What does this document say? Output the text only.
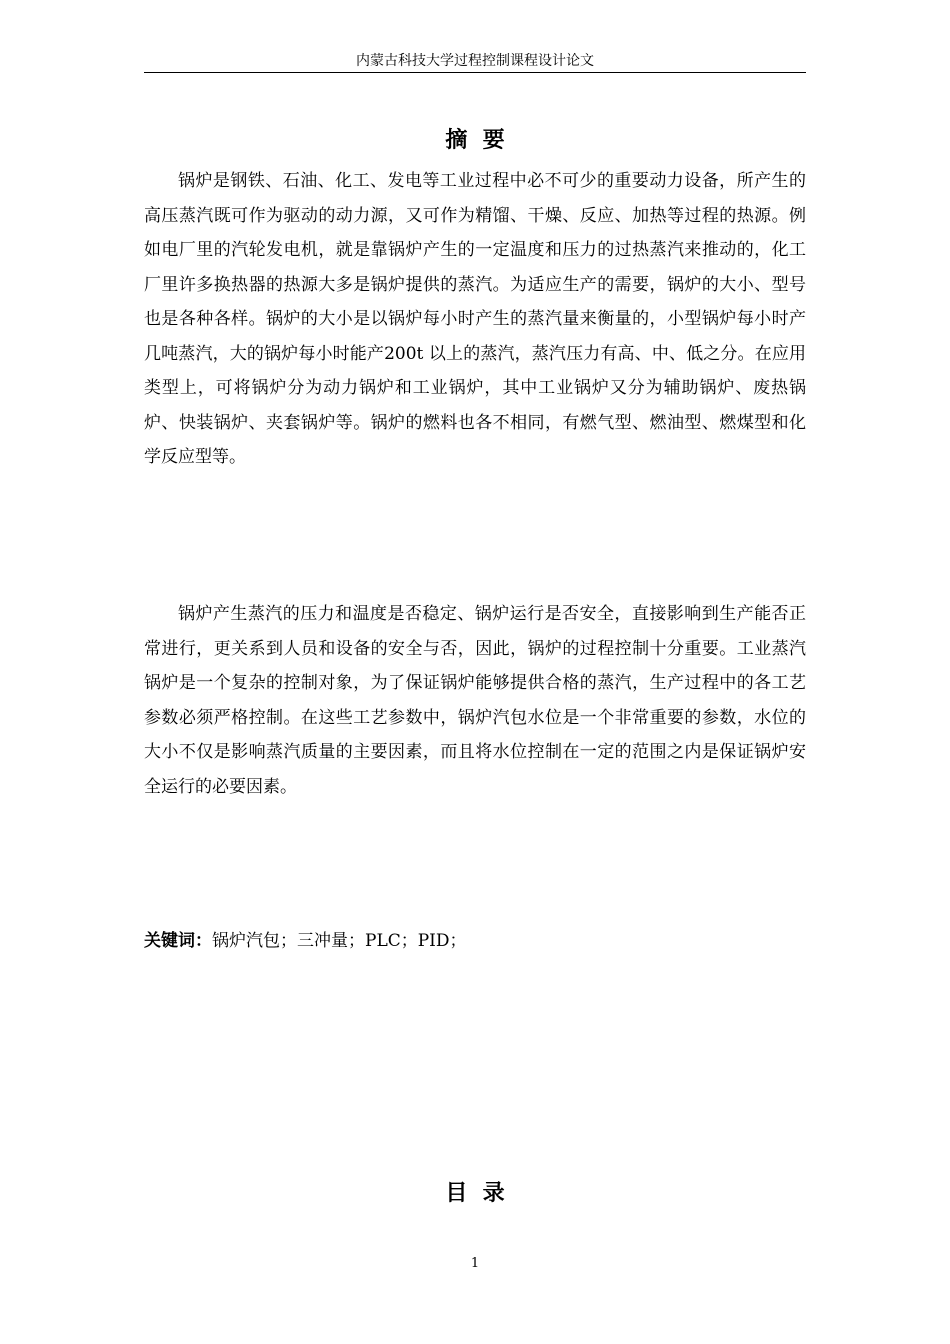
内蒙古科技大学过程控制课程设计论文
摘  要

锅炉是钢铁、石油、化工、发电等工业过程中必不可少的重要动力设备，所产生的高压蒸汽既可作为驱动的动力源，又可作为精馏、干燥、反应、加热等过程的热源。例如电厂里的汽轮发电机，就是靠锅炉产生的一定温度和压力的过热蒸汽来推动的，化工厂里许多换热器的热源大多是锅炉提供的蒸汽。为适应生产的需要，锅炉的大小、型号也是各种各样。锅炉的大小是以锅炉每小时产生的蒸汽量来衡量的，小型锅炉每小时产几吨蒸汽，大的锅炉每小时能产200t 以上的蒸汽，蒸汽压力有高、中、低之分。在应用类型上，可将锅炉分为动力锅炉和工业锅炉，其中工业锅炉又分为辅助锅炉、废热锅炉、快装锅炉、夹套锅炉等。锅炉的燃料也各不相同，有燃气型、燃油型、燃煤型和化学反应型等。

锅炉产生蒸汽的压力和温度是否稳定、锅炉运行是否安全，直接影响到生产能否正常进行，更关系到人员和设备的安全与否，因此，锅炉的过程控制十分重要。工业蒸汽锅炉是一个复杂的控制对象，为了保证锅炉能够提供合格的蒸汽，生产过程中的各工艺参数必须严格控制。在这些工艺参数中，锅炉汽包水位是一个非常重要的参数，水位的大小不仅是影响蒸汽质量的主要因素，而且将水位控制在一定的范围之内是保证锅炉安全运行的必要因素。

关键词：锅炉汽包；三冲量；PLC；PID；
目  录
1
